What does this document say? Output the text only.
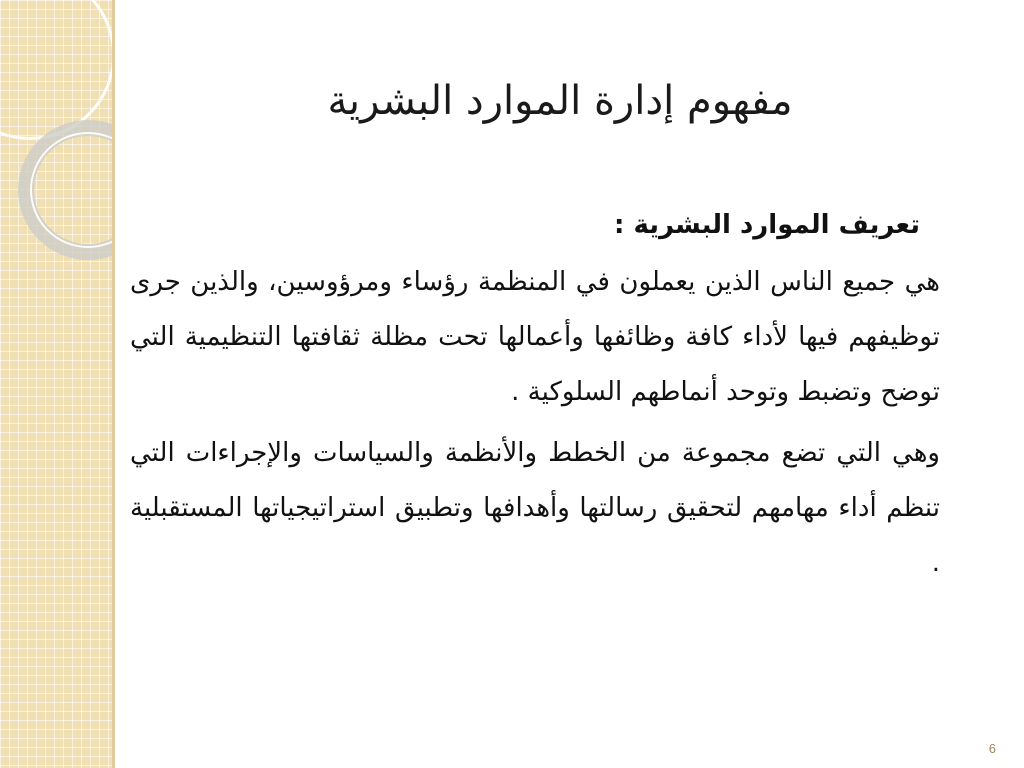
مفهوم إدارة الموارد البشرية
تعريف الموارد البشرية :

هي جميع الناس الذين يعملون في المنظمة رؤساء ومرؤوسين، والذين جرى توظيفهم فيها لأداء كافة وظائفها وأعمالها تحت مظلة ثقافتها التنظيمية التي توضح وتضبط وتوحد أنماطهم السلوكية .

وهي التي تضع مجموعة من الخطط والأنظمة والسياسات والإجراءات التي تنظم أداء مهامهم لتحقيق رسالتها وأهدافها وتطبيق استراتيجياتها المستقبلية .

6
